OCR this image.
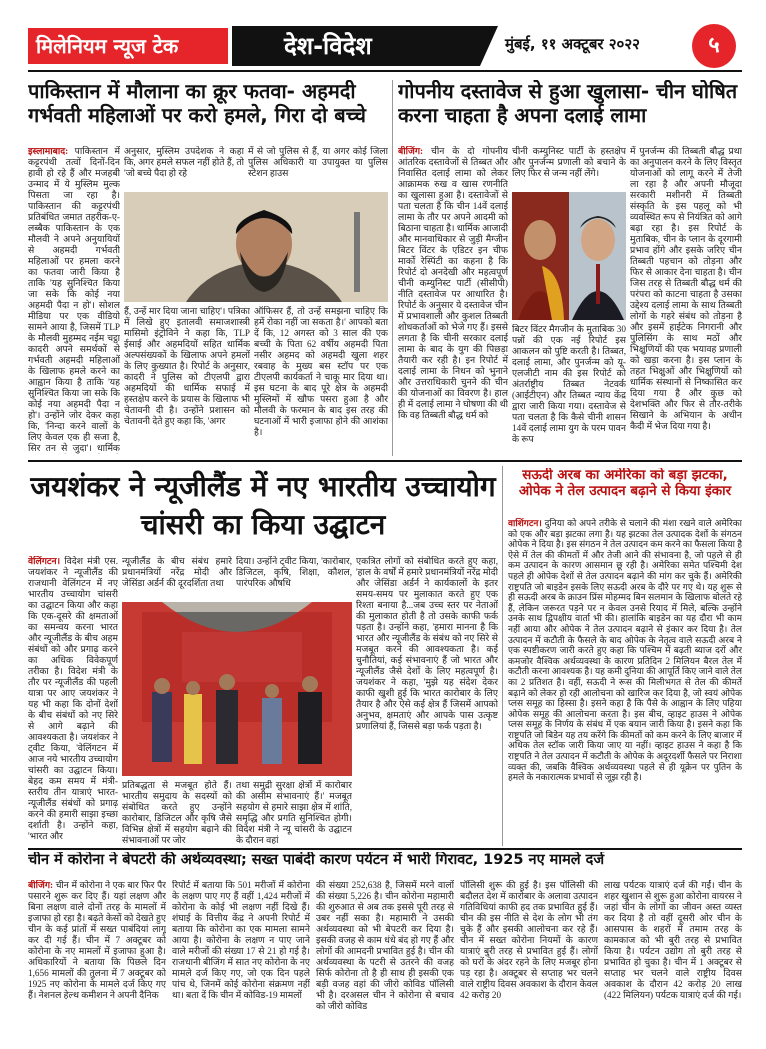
मिलेनियम न्यूज टेक	देश-विदेश	मुंबई, ११ अक्टूबर २०२२	५
पाकिस्तान में मौलाना का क्रूर फतवा- अहमदी गर्भवती महिलाओं पर करो हमले, गिरा दो बच्चे
इस्लामाबाद: पाकिस्तान में कट्टरपंथी तत्वों दिनों-दिन हावी हो रहे हैं और मजहबी उन्माद में ये मुस्लिम मुल्क पिसता जा रहा है। पाकिस्तान की कट्टरपंथी प्रतिबंधित जमात तहरीक-ए-लब्बैक पाकिस्तान के एक मौलवी ने अपने अनुयायियों से अहमदी गर्भवती महिलाओं पर हमला करने का फतवा जारी किया है ताकि 'यह सुनिश्चित किया जा सके कि कोई नया अहमदी पैदा न हो'। सोशल मीडिया पर एक वीडियो सामने आया है, जिसमें TLP के मौलवी मुहम्मद नईम चट्ठा कादरी अपने समर्थकों से गर्भवती अहमदी महिलाओं के खिलाफ हमले करने का आह्वान किया है ताकि 'यह सुनिश्चित किया जा सके कि कोई नया अहमदी पैदा न हो'। उन्होंने जोर देकर कहा कि, 'निन्दा करने वालों के लिए केवल एक ही सजा है, सिर तन से जुदा'। धार्मिक
अनुसार, मुस्लिम उपदेशक ने कहा कि, अगर हमले सफल नहीं होते हैं, तो 'जो बच्चे पैदा हो रहे
में से जो पुलिस से हैं, या अगर कोई जिला पुलिस अधिकारी या उपायुक्त या पुलिस स्टेशन हाउस
हैं, उन्हें मार दिया जाना चाहिए'। पत्रिका में लिखे हुए इतालवी समाजशास्त्री मासिमो इंट्रोविने ने कहा कि, TLP ईसाई और अहमदियों सहित धार्मिक अल्पसंख्यकों के खिलाफ अपने हमलों के लिए कुख्यात है। रिपोर्ट के अनुसार, कादरी ने पुलिस को टीएलपी द्वारा अहमदियों की धार्मिक सफाई में हस्तक्षेप करने के प्रयास के खिलाफ भी चेतावनी दी है। उन्होंने प्रशासन को चेतावनी देते हुए कहा कि, 'अगर
ऑफिसर हैं, तो उन्हें समझना चाहिए कि हमें रोका नहीं जा सकता है।' आपको बता दें कि, 12 अगस्त को 3 साल की एक बच्ची के पिता 62 वर्षीय अहमदी पिता नसीर अहमद को अहमदी खुला शहर रबवाह के मुख्य बस स्टॉप पर एक टीएलपी कार्यकर्ता ने चाकू मार दिया था। इस घटना के बाद पूरे क्षेत्र के अहमदी मुस्लिमों में खौफ पसरा हुआ है और मौलवी के फरमान के बाद इस तरह की घटनाओं में भारी इजाफा होने की आशंका है।
गोपनीय दस्तावेज से हुआ खुलासा- चीन घोषित करना चाहता है अपना दलाई लामा
बीजिंग: चीन के दो गोपनीय आंतरिक दस्तावेजों से तिब्बत और निवासित दलाई लामा को लेकर आक्रामक रुख व खास रणनीति का खुलासा हुआ है। दस्तावेजों से पता चलता है कि चीन 14वें दलाई लामा के तौर पर अपने आदमी को बिठाना चाहता है। धार्मिक आजादी और मानवाधिकार से जुड़ी मैग्जीन बिटर विंटर के एडिटर इन चीफ मार्को रेस्पिंटी का कहना है कि रिपोर्ट दो अनदेखी और महत्वपूर्ण चीनी कम्युनिस्ट पार्टी (सीसीपी) नीति दस्तावेज पर आधारित है। रिपोर्ट के अनुसार ये दस्तावेज चीन में प्रभावशाली और कुशल तिब्बती शोधकर्ताओं को भेजे गए हैं। इससे लगता है कि चीनी सरकार दलाई लामा के बाद के युग की पिछड़ा तैयारी कर रही है। इन रिपोर्ट में दलाई लामा के निधन को भुनाने और उत्तराधिकारी चुनने की चीन की योजनाओं का विवरण है। हाल ही में दलाई लामा ने घोषणा की थी कि वह तिब्बती बौद्ध धर्म को
चीनी कम्युनिस्ट पार्टी के हस्तक्षेप और पुनर्जन्म प्रणाली को बचाने के लिए फिर से जन्म नहीं लेंगे।
बिटर विंटर मैगजीन के मुताबिक 30 पन्नों की एक नई रिपोर्ट इस आकलन को पुष्टि करती है। तिब्बत, दलाई लामा, और पुनर्जन्म को यू-एलजीटी नाम की इस रिपोर्ट को अंतर्राष्ट्रीय तिब्बत नेटवर्क (आईटीएन) और तिब्बत न्याय केंद्र द्वारा जारी किया गया। दस्तावेज से पता चलता है कि कैसे चीनी शासन 14वें दलाई लामा युग के परम पावन के रूप
में पुनर्जन्म की तिब्बती बौद्ध प्रथा का अनुपालन करने के लिए विस्तृत योजनाओं को लागू करने में तेजी ला रहा है और अपनी मौजूदा सरकारी मशीनरी में तिब्बती संस्कृति के इस पहलू को भी व्यवस्थित रूप से नियंत्रित को आगे बढ़ा रहा है। इस रिपोर्ट के मुताबिक, चीन के प्लान के दूरगामी प्रभाव होंगे और इसके जरिए चीन तिब्बती पहचान को तोड़ना और फिर से आकार देना चाहता है। चीन जिस तरह से तिब्बती बौद्ध धर्म की परंपरा को काटना चाहता है उसका उद्देश्य दलाई लामा के साथ तिब्बती लोगों के गहरे संबंध को तोड़ना है और इसमें हाईटेक निगरानी और पुलिसिंग के साथ मठों और भिक्षुणियों की एक भयावह प्रणाली को खड़ा करना है। इस प्लान के तहत भिक्षुओं और भिक्षुणियों को धार्मिक संस्थानों से निष्कासित कर दिया गया है और कुछ को देशभक्ति और फिर से तौर-तरीके सिखाने के अभियान के अधीन कैदी में भेज दिया गया है।
जयशंकर ने न्यूजीलैंड में नए भारतीय उच्चायोग चांसरी का किया उद्घाटन
वेलिंगटन। विदेश मंत्री एस. जयशंकर ने न्यूजीलैंड की राजधानी वेलिंगटन में नए भारतीय उच्चायोग चांसरी का उद्घाटन किया और कहा कि एक-दूसरे की क्षमताओं का समन्वय करना भारत और न्यूजीलैंड के बीच अहम संबंधों को और प्रगाढ़ करने का अधिक विवेकपूर्ण तरीका है। विदेश मंत्री के तौर पर न्यूजीलैंड की पहली यात्रा पर आए जयशंकर ने यह भी कहा कि दोनों देशों के बीच संबंधों को नए सिरे से आगे बढ़ाने की आवश्यकता है। जयशंकर ने ट्वीट किया, 'वेलिंगटन में आज नये भारतीय उच्चायोग चांसरी का उद्घाटन किया। बेहद कम समय में मंत्री-स्तरीय तीन यात्राएं भारत-न्यूजीलैंड संबंधों को प्रगाढ़ करने की हमारी साझा इच्छा दर्शाती है। उन्होंने कहा, 'भारत और
न्यूजीलैंड के बीच संबंध हमारे प्रधानमंत्रियों नरेंद्र मोदी और जेसिंडा अर्डर्न की दूरदर्शिता तथा
दिया। उन्होंने ट्वीट किया, 'कारोबार, डिजिटल, कृषि, शिक्षा, कौशल, पारंपरिक औषधि
प्रतिबद्धता से मजबूत होते हैं। भारतीय समुदाय के सदस्यों को संबोधित करते हुए उन्होंने कारोबार, डिजिटल और कृषि जैसे विभिन्न क्षेत्रों में सहयोग बढ़ाने की संभावनाओं पर जोर
तथा समुद्री सुरक्षा क्षेत्रों में कारोबार की असीम संभावनाएं हैं।' मजबूत सहयोग से हमारे साझा क्षेत्र में शांति, समृद्धि और प्रगति सुनिश्चित होगी। विदेश मंत्री ने न्यू चांसरी के उद्घाटन के दौरान वहां
एकत्रित लोगों को संबोधित करते हुए कहा, 'हाल के वर्षों में हमारे प्रधानमंत्रियों नरेंद्र मोदी और जेसिंडा अर्डर्न ने कार्यकालों के इतर समय-समय पर मुलाकात करते हुए एक रिश्ता बनाया है...जब उच्च स्तर पर नेताओं की मुलाकात होती है तो उसके काफी फर्क पड़ता है। उन्होंने कहा, 'हमारा मानना है कि भारत और न्यूजीलैंड के संबंध को नए सिरे से मजबूत करने की आवश्यकता है। कई चुनौतियां, कई संभावनाएं हैं जो भारत और न्यूजीलैंड जैसे देशों के लिए महत्वपूर्ण है। जयशंकर ने कहा, 'मुझे यह संदेश देकर काफी खुशी हुई कि भारत कारोबार के लिए तैयार है और ऐसे कई क्षेत्र हैं जिसमें आपको अनुभव, क्षमताएं और आपके पास उत्कृष्ट प्रणालियां हैं, जिससे बड़ा फर्क पड़ता है।
सऊदी अरब का अमेरिका को बड़ा झटका, ओपेक ने तेल उत्पादन बढ़ाने से किया इंकार
वाशिंगटन। दुनिया को अपने तरीके से चलाने की मंशा रखने वाले अमेरिका को एक और बड़ा झटका लगा है। यह झटका तेल उत्पादक देशों के संगठन ओपेक ने दिया है। इस संगठन ने तेल उत्पादन कम करने का फैसला किया है ऐसे में तेल की कीमतों में और तेजी आने की संभावना है, जो पहले से ही कम उत्पादन के कारण आसमान छू रही है। अमेरिका समेत पश्चिमी देश पहले ही ओपेक देशों से तेल उत्पादन बढ़ाने की मांग कर चुके हैं। अमेरिकी राष्ट्रपति जो बाइडेन इसके लिए सऊदी अरब के दौरे पर गए थे। यह शुरू से ही सऊदी अरब के क्राउन प्रिंस मोहम्मद बिन सलमान के खिलाफ बोलते रहे हैं, लेकिन जरूरत पड़ने पर न केवल उनसे रियाद में मिले, बल्कि उन्होंने उनके साथ द्विपक्षीय वार्ता भी की। हालांकि बाइडेन का यह दौरा भी काम नहीं आया और ओपेक ने तेल उत्पादन बढ़ाने से इंकार कर दिया है। तेल उत्पादन में कटौती के फैसले के बाद ओपेक के नेतृत्व वाले सऊदी अरब ने एक स्पष्टीकरण जारी करते हुए कहा कि पश्चिम में बढ़ती ब्याज दरों और कमजोर वैश्विक अर्थव्यवस्था के कारण प्रतिदिन 2 मिलियन बैरल तेल में कटौती करना आवश्यक है। यह कमी दुनिया की आपूर्ति किए जाने वाले तेल का 2 प्रतिशत है। वहीं, सऊदी ने रूस की मिलीभगत से तेल की कीमतें बढ़ाने को लेकर हो रही आलोचना को खारिज कर दिया है, जो स्वयं ओपेक प्लस समूह का हिस्सा है। इसने कहा है कि पैसे के आह्वान के लिए पहिया ओपेक समूह की आलोचना करता है। इस बीच, व्हाइट हाउस ने ओपेक प्लस समूह के निर्णय के संबंध में एक बयान जारी किया है। इसने कहा कि राष्ट्रपति जो बिडेन यह तय करेंगे कि कीमतों को कम करने के लिए बाजार में अधिक तेल स्टॉक जारी किया जाए या नहीं। व्हाइट हाउस ने कहा है कि राष्ट्रपति ने तेल उत्पादन में कटौती के ओपेक के अदूरदर्शी फैसले पर निराशा व्यक्त की, जबकि वैश्विक अर्थव्यवस्था पहले से ही यूक्रेन पर पुतिन के हमले के नकारात्मक प्रभावों से जूझ रही है।
चीन में कोरोना ने बेपटरी की अर्थव्यवस्था; सख्त पाबंदी कारण पर्यटन में भारी गिरावट, 1925 नए मामले दर्ज
बीजिंग: चीन में कोरोना ने एक बार फिर पैर पसारने शुरू कर दिए हैं। यहां लक्षण और बिना लक्षण वाले दोनों तरह के मामलों में इजाफा हो रहा है। बढ़ते केसों को देखते हुए चीन के कई प्रांतों में सख्त पाबंदियां लागू कर दी गई हैं। चीन में 7 अक्टूबर को कोरोना के नए मामलों में इजाफा हुआ है। अधिकारियों ने बताया कि पिछले दिन 1,656 मामलों की तुलना में 7 अक्टूबर को 1925 नए कोरोना के मामले दर्ज किए गए हैं। नेशनल हेल्थ कमीशन ने अपनी दैनिक
रिपोर्ट में बताया कि 501 मरीजों में कोरोना के लक्षण पाए गए हैं वहीं 1,424 मरीजों में कोरोना के कोई भी लक्षण नहीं दिखे हैं। शंघाई के वित्तीय केंद्र ने अपनी रिपोर्ट में बताया कि कोरोना का एक मामला सामने आया है। कोरोना के लक्षण न पाए जाने वाले मरीजों की संख्या 17 से 21 हो गई है। राजधानी बीजिंग में सात नए कोरोना के नए मामले दर्ज किए गए, जो एक दिन पहले पांच थे, जिनमें कोई कोरोना संक्रमण नहीं था। बता दें कि चीन में कोविड-19 मामलों
की संख्या 252,638 है, जिसमें मरने वालों की संख्या 5,226 है। चीन कोरोना महामारी की शुरुआत से अब तक इससे पूरी तरह से उबर नहीं सका है। महामारी ने उसकी अर्थव्यवस्था को भी बेपटरी कर दिया है। इसकी वजह से काम धंधे बंद हो गए हैं और लोगों की आमदनी प्रभावित हुई है। चीन की अर्थव्यवस्था के पटरी से उतरने की वजह सिर्फ कोरोना तो है ही साथ ही इसकी एक बड़ी वजह वहां की जीरो कोविड पॉलिसी भी है। दरअसल चीन ने कोरोना से बचाव को जीरो कोविड
पॉलिसी शुरू की हुई है। इस पॉलिसी की बदौलत देश में कारोबार के अलावा उत्पादन गतिविधियां काफी हद तक प्रभावित हुई हैं। चीन की इस नीति से देश के लोग भी तंग चुके हैं और इसकी आलोचना कर रहे हैं। चीन में सख्त कोरोना नियमों के कारण यात्राएं बुरी तरह से प्रभावित हुई हैं। लोगों को घरों के अंदर रहने के लिए मजबूर होना पड़ रहा है। अक्टूबर से सप्ताह भर चलने वाले राष्ट्रीय दिवस अवकाश के दौरान केवल 42 करोड़ 20
लाख पर्यटक यात्राएं दर्ज की गईं। चीन के शहर खुशान से शुरू हुआ कोरोना वायरस ने जहां चीन के लोगों का जीवन अस्त व्यस्त कर दिया है तो वहीं दूसरी ओर चीन के आसपास के शहरों में तमाम तरह के कामकाज को भी बुरी तरह से प्रभावित किया है। पर्यटन उद्योग तो बुरी तरह से प्रभावित हो चुका है। चीन में 1 अक्टूबर से सप्ताह भर चलने वाले राष्ट्रीय दिवस अवकाश के दौरान 42 करोड़ 20 लाख (422 मिलियन) पर्यटक यात्राएं दर्ज की गई।
